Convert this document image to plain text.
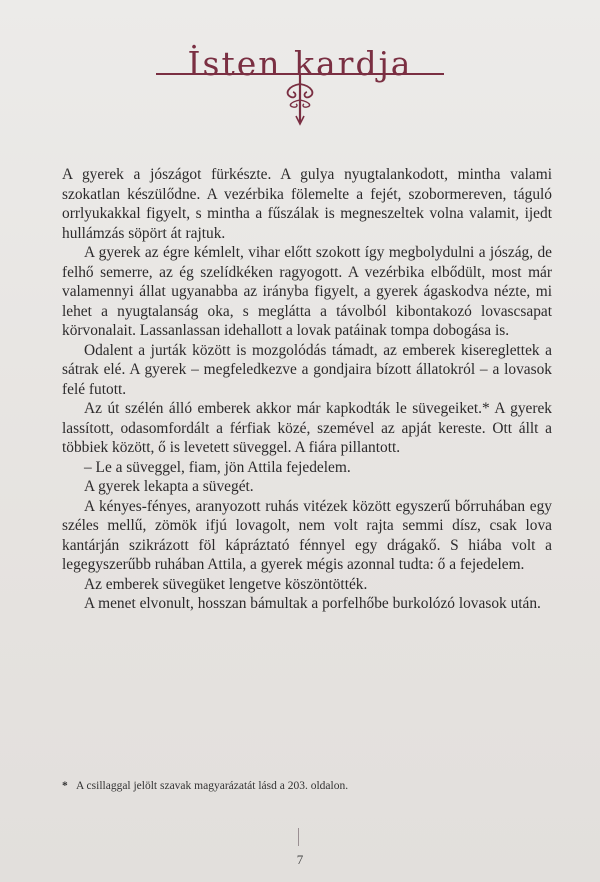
İsten kardja

A gyerek a jószágot fürkészte. A gulya nyugtalankodott, mintha valami szokatlan készülődne. A vezérbika fölemelte a fejét, szobormereven, táguló orrlyukakkal figyelt, s mintha a fűszálak is megneszeltek volna valamit, ijedt hullámzás söpört át rajtuk.

A gyerek az égre kémlelt, vihar előtt szokott így megbolydulni a jószág, de felhő semerre, az ég szelídkéken ragyogott. A vezérbika elbődült, most már valamennyi állat ugyanabba az irányba figyelt, a gyerek ágaskodva nézte, mi lehet a nyugtalanság oka, s meglátta a távolból kibontakozó lovascsapat körvonalait. Lassanlassan idehallott a lovak patáinak tompa dobogása is.

Odalent a jurták között is mozgolódás támadt, az emberek kisereglettek a sátrak elé. A gyerek – megfeledkezve a gondjaira bízott állatokról – a lovasok felé futott.

Az út szélén álló emberek akkor már kapkodták le süvegeiket.* A gyerek lassított, odasomfordált a férfiak közé, szemével az apját kereste. Ott állt a többiek között, ő is levetett süveggel. A fiára pillantott.

– Le a süveggel, fiam, jön Attila fejedelem.

A gyerek lekapta a süvegét.

A kényes-fényes, aranyozott ruhás vitézek között egyszerű bőrruhában egy széles mellű, zömök ifjú lovagolt, nem volt rajta semmi dísz, csak lova kantárján szikrázott föl kápráztató fénnyel egy drágakő. S hiába volt a legegyszerűbb ruhában Attila, a gyerek mégis azonnal tudta: ő a fejedelem.

Az emberek süvegüket lengetve köszöntötték.

A menet elvonult, hosszan bámultak a porfelhőbe burkolózó lovasok után.

* A csillaggal jelölt szavak magyarázatát lásd a 203. oldalon.
7
